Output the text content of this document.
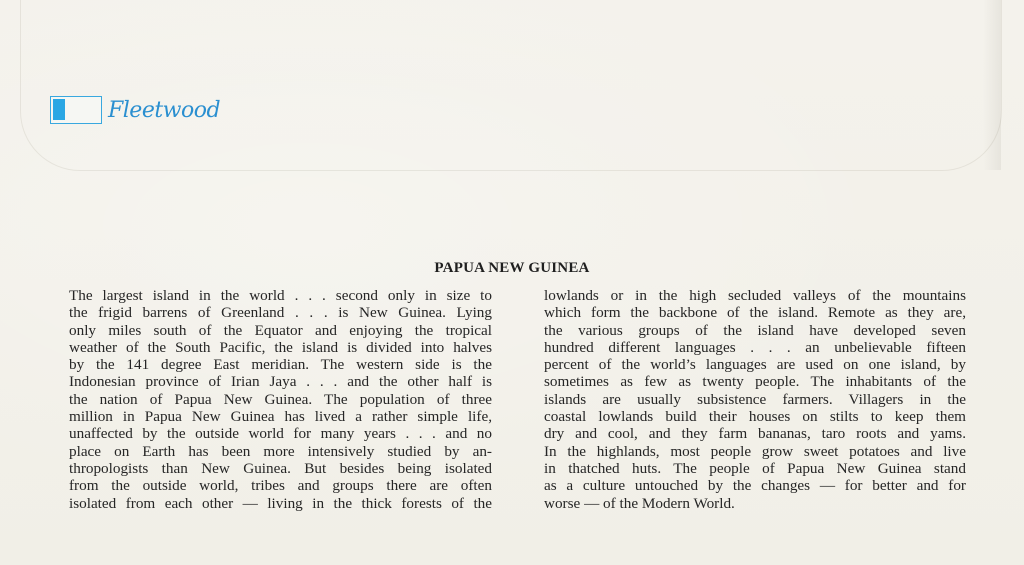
Fleetwood
PAPUA NEW GUINEA
The largest island in the world . . . second only in size to
the frigid barrens of Greenland . . . is New Guinea. Lying
only miles south of the Equator and enjoying the tropical
weather of the South Pacific, the island is divided into halves
by the 141 degree East meridian. The western side is the
Indonesian province of Irian Jaya . . . and the other half is
the nation of Papua New Guinea. The population of three
million in Papua New Guinea has lived a rather simple life,
unaffected by the outside world for many years . . . and no
place on Earth has been more intensively studied by an-
thropologists than New Guinea. But besides being isolated
from the outside world, tribes and groups there are often
isolated from each other — living in the thick forests of the
lowlands or in the high secluded valleys of the mountains
which form the backbone of the island. Remote as they are,
the various groups of the island have developed seven
hundred different languages . . . an unbelievable fifteen
percent of the world’s languages are used on one island, by
sometimes as few as twenty people. The inhabitants of the
islands are usually subsistence farmers. Villagers in the
coastal lowlands build their houses on stilts to keep them
dry and cool, and they farm bananas, taro roots and yams.
In the highlands, most people grow sweet potatoes and live
in thatched huts. The people of Papua New Guinea stand
as a culture untouched by the changes — for better and for
worse — of the Modern World.
